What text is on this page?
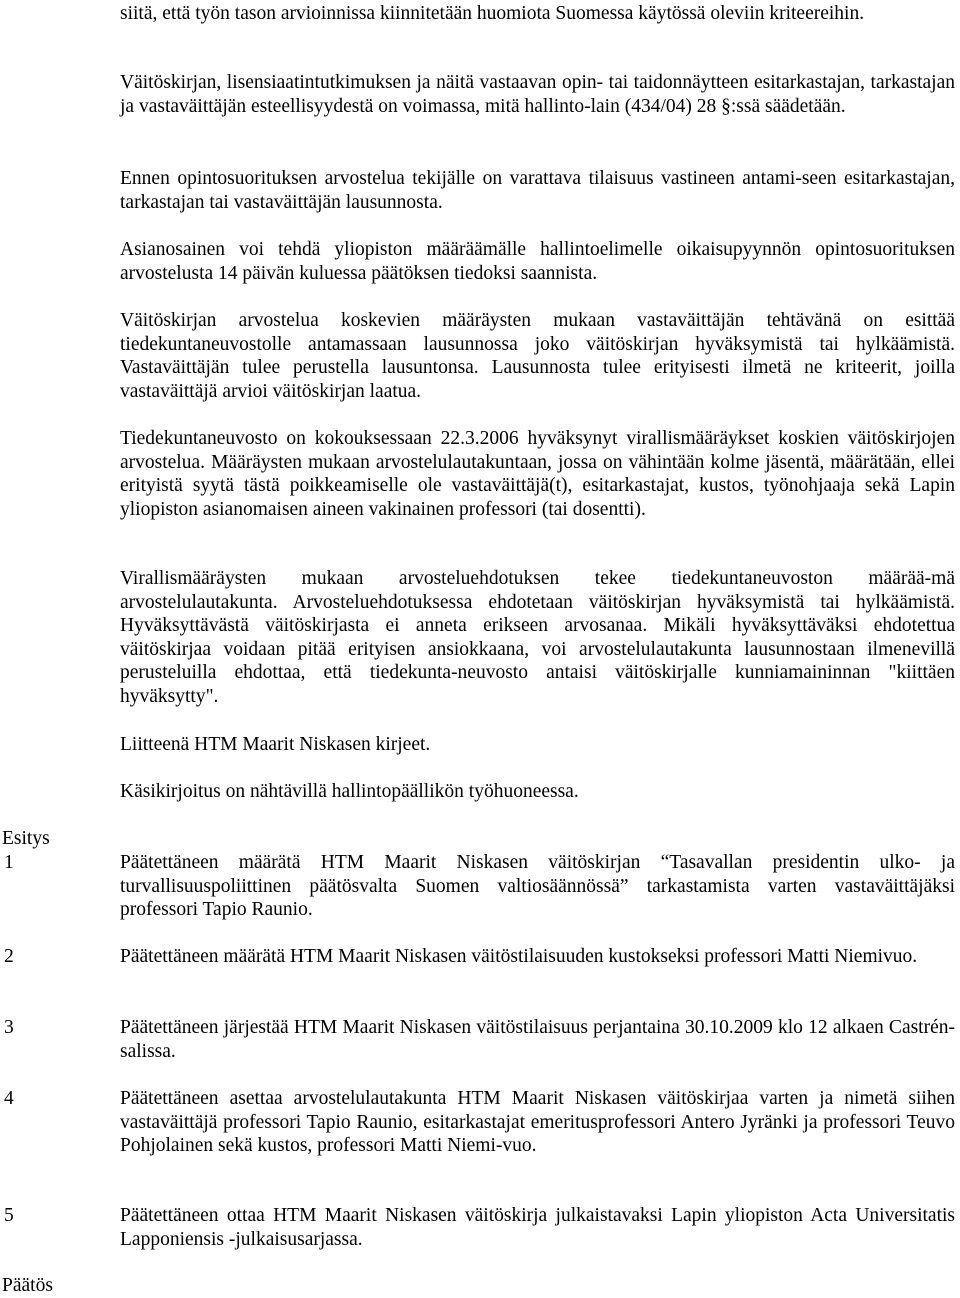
siitä, että työn tason arvioinnissa kiinnitetään huomiota Suomessa käytössä oleviin kriteereihin.

Väitöskirjan, lisensiaatintutkimuksen ja näitä vastaavan opin- tai taidonnäytteen esitarkastajan, tarkastajan ja vastaväittäjän esteellisyydestä on voimassa, mitä hallinto-lain (434/04) 28 §:ssä säädetään.

Ennen opintosuorituksen arvostelua tekijälle on varattava tilaisuus vastineen antami-seen esitarkastajan, tarkastajan tai vastaväittäjän lausunnosta.

Asianosainen voi tehdä yliopiston määräämälle hallintoelimelle oikaisupyynnön opintosuorituksen arvostelusta 14 päivän kuluessa päätöksen tiedoksi saannista.

Väitöskirjan arvostelua koskevien määräysten mukaan vastaväittäjän tehtävänä on esittää tiedekuntaneuvostolle antamassaan lausunnossa joko väitöskirjan hyväksymistä tai hylkäämistä. Vastaväittäjän tulee perustella lausuntonsa. Lausunnosta tulee erityisesti ilmetä ne kriteerit, joilla vastaväittäjä arvioi väitöskirjan laatua.

Tiedekuntaneuvosto on kokouksessaan 22.3.2006 hyväksynyt virallismääräykset koskien väitöskirjojen arvostelua. Määräysten mukaan arvostelulautakuntaan, jossa on vähintään kolme jäsentä, määrätään, ellei erityistä syytä tästä poikkeamiselle ole vastaväittäjä(t), esitarkastajat, kustos, työnohjaaja sekä Lapin yliopiston asianomaisen aineen vakinainen professori (tai dosentti).

Virallismääräysten mukaan arvosteluehdotuksen tekee tiedekuntaneuvoston määrää-mä arvostelulautakunta. Arvosteluehdotuksessa ehdotetaan väitöskirjan hyväksymistä tai hylkäämistä. Hyväksyttävästä väitöskirjasta ei anneta erikseen arvosanaa. Mikäli hyväksyttäväksi ehdotettua väitöskirjaa voidaan pitää erityisen ansiokkaana, voi arvostelulautakunta lausunnostaan ilmenevillä perusteluilla ehdottaa, että tiedekunta-neuvosto antaisi väitöskirjalle kunniamaininnan "kiittäen hyväksytty".

Liitteenä HTM Maarit Niskasen kirjeet.

Käsikirjoitus on nähtävillä hallintopäällikön työhuoneessa.

Esitys

1	Päätettäneen määrätä HTM Maarit Niskasen väitöskirjan “Tasavallan presidentin ulko- ja turvallisuuspoliittinen päätösvalta Suomen valtiosäännössä” tarkastamista varten vastaväittäjäksi professori Tapio Raunio.

2	Päätettäneen määrätä HTM Maarit Niskasen väitöstilaisuuden kustokseksi professori Matti Niemivuo.

3	Päätettäneen järjestää HTM Maarit Niskasen väitöstilaisuus perjantaina 30.10.2009 klo 12 alkaen Castrén-salissa.

4	Päätettäneen asettaa arvostelulautakunta HTM Maarit Niskasen väitöskirjaa varten ja nimetä siihen vastaväittäjä professori Tapio Raunio, esitarkastajat emeritusprofessori Antero Jyränki ja professori Teuvo Pohjolainen sekä kustos, professori Matti Niemi-vuo.

5	Päätettäneen ottaa HTM Maarit Niskasen väitöskirja julkaistavaksi Lapin yliopiston Acta Universitatis Lapponiensis -julkaisusarjassa.

Päätös
